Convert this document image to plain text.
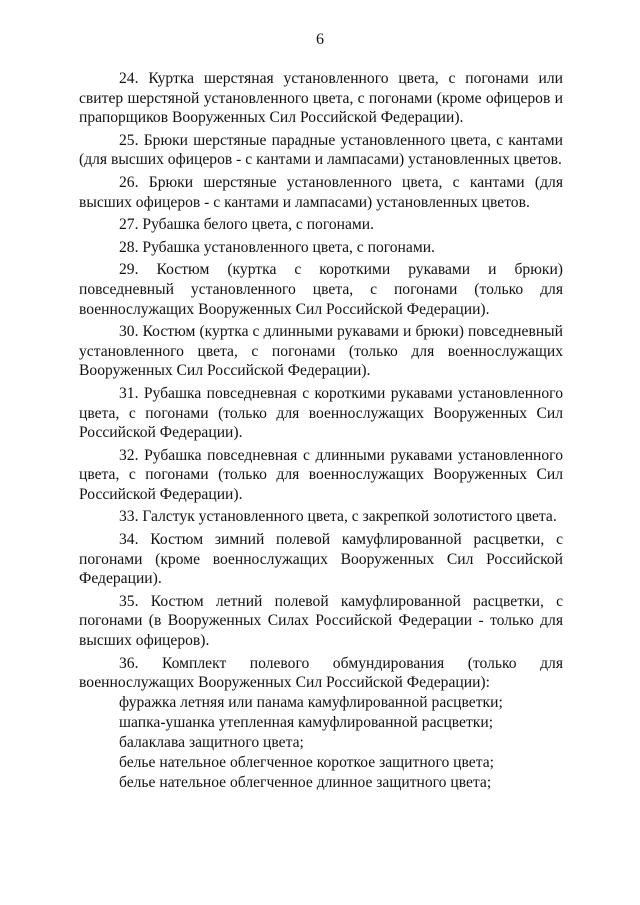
6

24. Куртка шерстяная установленного цвета, с погонами или свитер шерстяной установленного цвета, с погонами (кроме офицеров и прапорщиков Вооруженных Сил Российской Федерации).

25. Брюки шерстяные парадные установленного цвета, с кантами (для высших офицеров - с кантами и лампасами) установленных цветов.

26. Брюки шерстяные установленного цвета, с кантами (для высших офицеров - с кантами и лампасами) установленных цветов.

27. Рубашка белого цвета, с погонами.

28. Рубашка установленного цвета, с погонами.

29. Костюм (куртка с короткими рукавами и брюки) повседневный установленного цвета, с погонами (только для военнослужащих Вооруженных Сил Российской Федерации).

30. Костюм (куртка с длинными рукавами и брюки) повседневный установленного цвета, с погонами (только для военнослужащих Вооруженных Сил Российской Федерации).

31. Рубашка повседневная с короткими рукавами установленного цвета, с погонами (только для военнослужащих Вооруженных Сил Российской Федерации).

32. Рубашка повседневная с длинными рукавами установленного цвета, с погонами (только для военнослужащих Вооруженных Сил Российской Федерации).

33. Галстук установленного цвета, с закрепкой золотистого цвета.

34. Костюм зимний полевой камуфлированной расцветки, с погонами (кроме военнослужащих Вооруженных Сил Российской Федерации).

35. Костюм летний полевой камуфлированной расцветки, с погонами (в Вооруженных Силах Российской Федерации - только для высших офицеров).

36. Комплект полевого обмундирования (только для военнослужащих Вооруженных Сил Российской Федерации):

фуражка летняя или панама камуфлированной расцветки;

шапка-ушанка утепленная камуфлированной расцветки;

балаклава защитного цвета;

белье нательное облегченное короткое защитного цвета;

белье нательное облегченное длинное защитного цвета;
